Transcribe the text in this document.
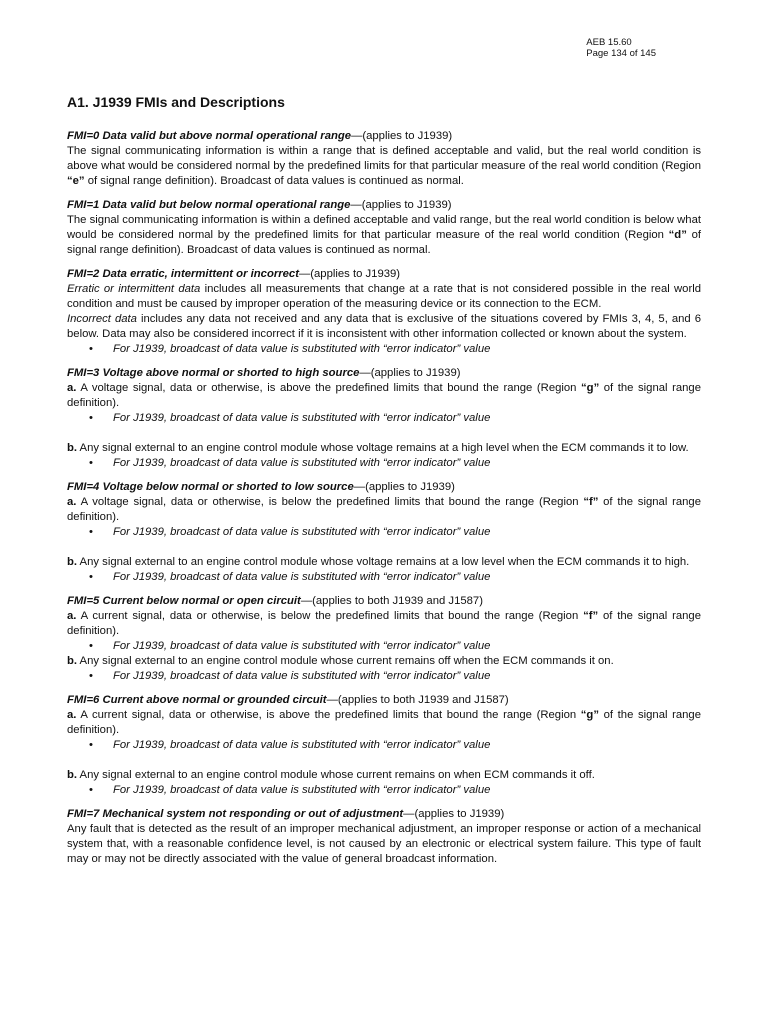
AEB 15.60
Page 134 of 145
A1. J1939 FMIs and Descriptions
FMI=0 Data valid but above normal operational range—(applies to J1939)

The signal communicating information is within a range that is defined acceptable and valid, but the real world condition is above what would be considered normal by the predefined limits for that particular measure of the real world condition (Region “e” of signal range definition). Broadcast of data values is continued as normal.

FMI=1 Data valid but below normal operational range—(applies to J1939)

The signal communicating information is within a defined acceptable and valid range, but the real world condition is below what would be considered normal by the predefined limits for that particular measure of the real world condition (Region “d” of signal range definition). Broadcast of data values is continued as normal.

FMI=2 Data erratic, intermittent or incorrect—(applies to J1939)

Erratic or intermittent data includes all measurements that change at a rate that is not considered possible in the real world condition and must be caused by improper operation of the measuring device or its connection to the ECM.

Incorrect data includes any data not received and any data that is exclusive of the situations covered by FMIs 3, 4, 5, and 6 below. Data may also be considered incorrect if it is inconsistent with other information collected or known about the system.

•	For J1939, broadcast of data value is substituted with “error indicator” value
FMI=3 Voltage above normal or shorted to high source—(applies to J1939)

a. A voltage signal, data or otherwise, is above the predefined limits that bound the range (Region “g” of the signal range definition).

•	For J1939, broadcast of data value is substituted with “error indicator” value

b. Any signal external to an engine control module whose voltage remains at a high level when the ECM commands it to low.

•	For J1939, broadcast of data value is substituted with “error indicator” value
FMI=4 Voltage below normal or shorted to low source—(applies to J1939)

a. A voltage signal, data or otherwise, is below the predefined limits that bound the range (Region “f” of the signal range definition).

•	For J1939, broadcast of data value is substituted with “error indicator” value

b. Any signal external to an engine control module whose voltage remains at a low level when the ECM commands it to high.

•	For J1939, broadcast of data value is substituted with “error indicator” value
FMI=5 Current below normal or open circuit—(applies to both J1939 and J1587)

a. A current signal, data or otherwise, is below the predefined limits that bound the range (Region “f” of the signal range definition).

•	For J1939, broadcast of data value is substituted with “error indicator” value

b. Any signal external to an engine control module whose current remains off when the ECM commands it on.

•	For J1939, broadcast of data value is substituted with “error indicator” value
FMI=6 Current above normal or grounded circuit—(applies to both J1939 and J1587)

a. A current signal, data or otherwise, is above the predefined limits that bound the range (Region “g” of the signal range definition).

•	For J1939, broadcast of data value is substituted with “error indicator” value

b. Any signal external to an engine control module whose current remains on when ECM commands it off.

•	For J1939, broadcast of data value is substituted with “error indicator” value
FMI=7 Mechanical system not responding or out of adjustment—(applies to J1939)

Any fault that is detected as the result of an improper mechanical adjustment, an improper response or action of a mechanical system that, with a reasonable confidence level, is not caused by an electronic or electrical system failure. This type of fault may or may not be directly associated with the value of general broadcast information.
